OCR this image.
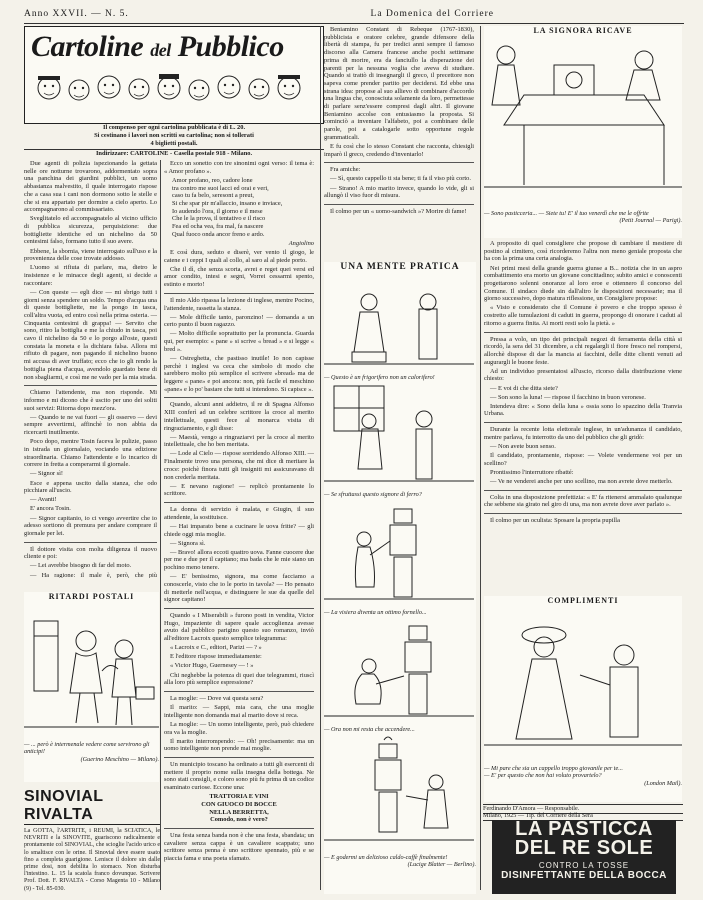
Anno XXVII. — N. 5.	La Domenica del Corriere
Cartoline del Pubblico
Il compenso per ogni cartolina pubblicata è di L. 20.
Si cestinano i lavori non scritti su cartolina; non si tollerati
4 biglietti postali.
Indirizzare: CARTOLINE - Casella postale 918 - Milano.

Due agenti di polizia ispezionando la gettata nelle ore notturne trovarono, addormentato sopra una panchina dei giardini pubblici, un uomo abbastanza malvestito, il quale interrogato rispose che a casa sua i cani non dormono sotto le stelle e che si era appartato per dormire a cielo aperto. Lo accompagnarono al commissariato.

Sveglitatelo ed accompagnatelo al vicino ufficio di pubblica sicurezza, perquisizione: due bottigliette identiche ed un nichelino da 50 centesimi falso, formano tutto il suo avere.

Ebbene, la sbornia, viene interrogato sull'uso e la provenienza delle cose trovate addosso.

L'uomo si rifiuta di parlare, ma, dietro le insistenze e le minacce degli agenti, si decide a raccontare:

— Con queste — egli dice — mi sbrigo tutti i giorni senza spendere un soldo. Tempo d'acqua una di queste bottigliette, me la pongo in tasca, coll'altra vuota, ed entro così nella prima osteria. — Cinquanta centesimi di grappa! — Servito che sono, ritiro la bottiglia e me la chiudo in tasca, poi cavo il nichelino da 50 e lo porgo all'oste, questi constata la moneta e la dichiara falsa. Allora mi rifiuto di pagare, non pagando il nichelino buono mi accusa di aver truffato; ecco che io gli rendo la bottiglia piena d'acqua, avendolo guardato bene di non sbagliarmi, e così me ne vado per la mia strada.

Chiamo l'attendente, ma non risponde. Mi informo e mi dicono che è uscito per uno dei soliti suoi servizi: Ritorna dopo mezz'ora.

— Quando te ne vai fuori — gli osservo — devi sempre avvertirmi, affinchè io non abbia da ricercarti inutilmente.

Poco dopo, mentre Tosin faceva le pulizie, passo in istrada un giornalaio, vociando una edizione straordinaria. Chiamo l'attendente e lo incarico di correre in fretta a comperarmi il giornale.

— Signor sì!

Esce e appena uscito dalla stanza, che odo picchiare all'uscio.

— Avanti!

E' ancora Tosin.

— Signor capitanio, io ci vengo avvertire che io adesso sortiono di premura per andare comprare il giornale per lei.

Il dottore visita con molta diligenza il nuovo cliente e poi:

— Lei avrebbe bisogno di far del moto.

— Ha ragione: il male è, però, che più

RITARDI POSTALI
— ... però è intermenale vedere come servirono gli anticipi!
(Guerino Meschino — Milano).
SINOVIAL RIVALTA
La GOTTA, l'ARTRITE, i REUMI, la SCIATICA, le NEVRITI e la SINOVITE, guariscono radicalmente e prontamente col SINOVIAL, che scioglie l'acido urico e lo smaltisce con le orine. Il Sinovial deve essere usato fino a completa guarigione. Lenisce il dolore sin dalle prime dosi, non debilita lo stomaco. Non disturba l'intestino. L. 15 la scatola franco dovunque. Scrivere Prof. Dott. F. RIVALTA - Corso Magenta 10 - Milano (9) - Tel. 85-030.

Ecco un sonetto con tre sinonimi ogni verso: il tema è: « Amor profano ».

Amor profano, reo, cadore lone
tra contro me suoi lacci ed orai e veri,
caso tu fa belo, seresont a preut,
Si che spar pir m'allaccio, insano e inviace,
Io audendo l'ora, il giorno e il mese
Che le la prova, il tentativo e il risco
Fea ed ocha vea, fra mal, fa nascere
Qual fuoco onda ancor freno e ardo.

Angiolino

E così dura, seduto e diserè, ver vento il giogo, le catene e i ceppi I quali al collo, al saro al al piede porto.

Che il dì, che senza scorta, avrei e reget quei versi ed amor condito, intesi e segni, Vorrei cessarmi spento, estinto e morto!

Il mio Aldo ripassa la lezione di inglese, mentre Pocino, l'attendente, rassetta la stanza.

— Mole difficile tanto, paronzino! — domanda a un certo punto il buon ragazzo.

— Molto difficile soprattutto per la pronuncia. Guarda qui, per esempio: « pane » si scrive « bread » e si legge « bred ».

— Ostreghetta, che pastisso inutile! Io non capisse perchè i inglesi va ceca che simbolo di modo che sarebbero molto più semplice el scrivere «bread» ma de leggere « pane» e poi ancora: non, più facile el meschino «pane» e lo po' bastare che tutti si intendono. Si capisce ».

Quando, alcuni anni addietro, il re di Spagna Alfonso XIII conferì ad un celebre scrittore la croce al merito intellettuale, questi fece al monarca visita di ringraziamento, e gli disse:

— Maestà, vengo a ringraziarvi per la croce al merito intellettuale, che ho ben meritata.

— Lode al Cielo — rispose sorridendo Alfonso XIII. — Finalmente trovo una persona, che mi dice di meritare la croce: poichè finora tutti gli insigniti mi assicuravano di non crederla meritata.

— E nevano ragione! — replicò prontamente lo scrittore.

La donna di servizio è malata, e Giugin, il suo attendente, la sostituisce.

— Hai imparato bene a cucinare le uova fritte? — gli chiede oggi mia moglie.

— Signora sì.

— Bravo! allora eccoti quattro uova. Fanne cuocere due per me e due per il capitano; ma bada che le mie siano un pochino meno tenere.

— E' benissimo, signora, ma come facciamo a conoscerle, visto che io le porto in tavola? — Ho pensato di metterle nell'acqua, e distinguere le sue da quelle del signor capitano!

Quando « I Miserabili » furono posti in vendita, Victor Hugo, impaziente di sapere quale accoglienza avesse avuto dal pubblico parigino questo suo romanzo, inviò all'editore Lacroix questo semplice telegramma:

« Lacroix e C., editori, Parizi — ? »

E l'editore rispose immediatamente:

« Victor Hugo, Guernesey — ! »

Chi neghebbe la potenza di quei due telegrammi, riuscì alla loro più semplice espressione?

La moglie: — Dove vai questa sera?

Il marito: — Sappi, mia cara, che una moglie intelligente non domanda mai al marito dove si reca.

La moglie: — Un uomo intelligente, però, può chiedere ora va la moglie.

Il marito interrompendo: — Oh! precisamente: ma un uomo intelligente non prende mai moglie.

Un municipio toscano ha ordinato a tutti gli esercenti di mettere il proprio nome sulla insegna della bottega. Ne sono stati consigli, e coloro sono più fu prima di un codice esaminato curiose. Eccone una:

TRATTORIA E VINI
CON GIUOCO DI BOCCE
NELLA BERRETTA,
Comodo, non è vero?

Una festa senza banda non è che una festa, sbandata; un cavaliere senza cappa è un cavaliere scappato; uno scrittore senza penna è uno scrittore spennato, più e se piaccia fama e una poeta sfamato.

Beniamino Constant di Rebeque (1767-1830), pubblicista e oratore celebre, grande difensore della libertà di stampa, fu per tredici anni sempre il famoso discorso alla Camera francese anche pochi settimane prima di morire, era da fanciullo la disperazione dei parenti per la nessuna voglia che aveva di studiare. Quando si trattò di insegnargli il greco, il precettore non sapeva come prender partito per decidersi. Ed ebbe una strana idea: propose al suo allievo di combinare d'accordo una lingua che, conosciuta solamente da loro, permettesse di parlare senz'essere compresi dagli altri. Il giovane Beniamino accolse con entusiasmo la proposta. Si cominciò a inventare l'alfabeto, poi a combinare delle parole, poi a catalogarle sotto opportune regole grammaticali.

E fu così che lo stesso Constant che racconta, chiesigli imparò il greco, credendo d'inventarlo!

Fra amiche:

— Sì, questo cappello ti sta bene; ti fa il viso più corto.

— Strano! A mio marito invece, quando lo vide, gli si allungò il viso fuor di misura.

Il colmo per un « uomo-sandwich »? Morire di fame!

UNA MENTE PRATICA
— Questo è un frigorifero non un calorifero!
— Se sfruttassi questo signore di ferro?
— La visiera diventa un ottimo fornello...
— Ora non mi resta che accendere...
— E godermi un delizioso caldo-caffè finalmente!
(Lucige Blatter — Berlino).
LA SIGNORA RICAVE
— Sono pasticceria... — Siete tu! E' il tuo venerdì che me le offrite
(Petit Journal — Parigi).

A proposito di quel consigliere che propose di cambiare il mestiere di postino al cimitero, così ricorderemo l'altra non meno geniale proposta che ha con la prima una certa analogia.

Nei primi mesi della grande guerra giunse a B... notizia che in un aspro combattimento era morto un giovane concittadino; subito amici e conoscenti progettarono solenni onoranze al loro eroe e ottennero il concorso del Comune. Il sindaco diede sin dall'altro le disposizioni necessarie; ma il giorno successivo, dopo matura riflessione, un Consigliere propose:

« Visto e considerato che il Comune è povero e che troppo spesso è costretto alle tumulazioni di caduti in guerra, propongo di onorare i caduti al ritorno a guerra finita. Ai morti resti solo la pietà. »

Pressa a volo, un tipo dei principali negozi di ferramenta della città si ricordò, la sera del 31 dicembre, a chi regalargli il fiore fresco nel rompersi, allorchè dispose di dar la mancia ai facchini, delle ditte clienti venuti ad augurargli le buone feste.

Ad un individuo presentatosi all'uscio, ricorso dalla distribuzione viene chiesto:

— E voi di che ditta siete?

— Son sono la luna! — rispose il facchino in buon veronese.

Intendeva dire: « Sono della luna » ossia sono lo spazzino della Tranvia Urbana.

Durante la recente lotta elettorale inglese, in un'adunanza il candidato, mentre parlava, fu interrotto da uno del pubblico che gli gridò:

— Non avete buon senso.

Il candidato, prontamente, rispose: — Volete vendermene voi per un scellino?

Prontissimo l'interruttore ribatté:

— Ve ne venderei anche per uno scellino, ma non avrete dove metterlo.

Colta in una disposizione prefettizia: « E' fa ritenersi ammalato qualunque che sebbene sia girato nel giro di una, ma non avrete dove aver parlato ».

Il colmo per un oculista: Sposare la propria pupilla

COMPLIMENTI
— Mi pare che sia un cappello troppo giovanile per te...
— E' per questo che non hai voluto provartelo?
(London Mail).
Ferdinando D'Amora — Responsabile.
Milano, 1925 — Tip. del Corriere della Sera
LA PASTICCA
DEL RE SOLE
CONTRO LA TOSSE
DISINFETTANTE DELLA BOCCA
